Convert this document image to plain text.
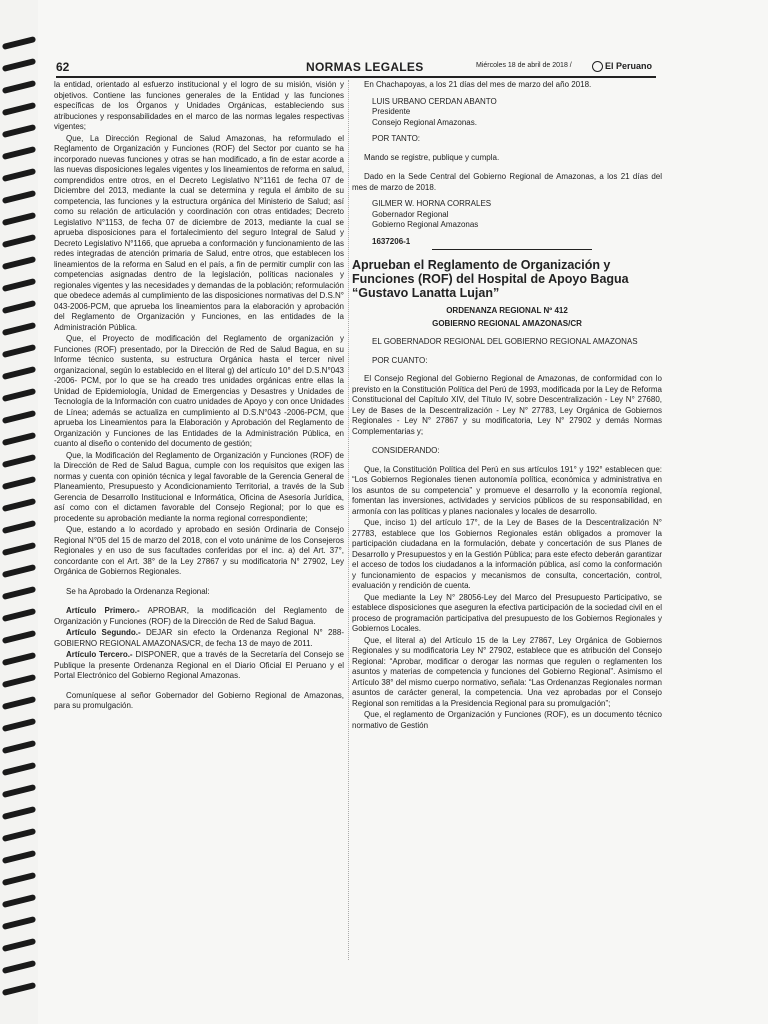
62	NORMAS LEGALES	Miércoles 18 de abril de 2018 /	El Peruano

la entidad, orientado al esfuerzo institucional y el logro de su misión, visión y objetivos. Contiene las funciones generales de la Entidad y las funciones específicas de los Órganos y Unidades Orgánicas, estableciendo sus atribuciones y responsabilidades en el marco de las normas legales respectivas vigentes;

Que, La Dirección Regional de Salud Amazonas, ha reformulado el Reglamento de Organización y Funciones (ROF) del Sector por cuanto se ha incorporado nuevas funciones y otras se han modificado, a fin de estar acorde a las nuevas disposiciones legales vigentes y los lineamientos de reforma en salud, comprendidos entre otros, en el Decreto Legislativo N°1161 de fecha 07 de Diciembre del 2013, mediante la cual se determina y regula el ámbito de su competencia, las funciones y la estructura orgánica del Ministerio de Salud; así como su relación de articulación y coordinación con otras entidades; Decreto Legislativo N°1153, de fecha 07 de diciembre de 2013, mediante la cual se aprueba disposiciones para el fortalecimiento del seguro Integral de Salud y Decreto Legislativo N°1166, que aprueba a conformación y funcionamiento de las redes integradas de atención primaria de Salud, entre otros, que establecen los lineamientos de la reforma en Salud en el país, a fin de permitir cumplir con las competencias asignadas dentro de la legislación, políticas nacionales y regionales vigentes y las necesidades y demandas de la población; reformulación que obedece además al cumplimiento de las disposiciones normativas del D.S.N° 043-2006-PCM, que aprueba los lineamientos para la elaboración y aprobación del Reglamento de Organización y Funciones, en las entidades de la Administración Pública.

Que, el Proyecto de modificación del Reglamento de organización y Funciones (ROF) presentado, por la Dirección de Red de Salud Bagua, en su Informe técnico sustenta, su estructura Orgánica hasta el tercer nivel organizacional, según lo establecido en el literal g) del artículo 10° del D.S.N°043 -2006- PCM, por lo que se ha creado tres unidades orgánicas entre ellas la Unidad de Epidemiología, Unidad de Emergencias y Desastres y Unidades de Tecnología de la Información con cuatro unidades de Apoyo y con once Unidades de Línea; además se actualiza en cumplimiento al D.S.N°043 -2006-PCM, que aprueba los Lineamientos para la Elaboración y Aprobación del Reglamento de Organización y Funciones de las Entidades de la Administración Pública, en cuanto al diseño o contenido del documento de gestión;

Que, la Modificación del Reglamento de Organización y Funciones (ROF) de la Dirección de Red de Salud Bagua, cumple con los requisitos que exigen las normas y cuenta con opinión técnica y legal favorable de la Gerencia General de Planeamiento, Presupuesto y Acondicionamiento Territorial, a través de la Sub Gerencia de Desarrollo Institucional e Informática, Oficina de Asesoría Jurídica, así como con el dictamen favorable del Consejo Regional; por lo que es procedente su aprobación mediante la norma regional correspondiente;

Que, estando a lo acordado y aprobado en sesión Ordinaria de Consejo Regional N°05 del 15 de marzo del 2018, con el voto unánime de los Consejeros Regionales y en uso de sus facultades conferidas por el inc. a) del Art. 37°, concordante con el Art. 38° de la Ley 27867 y su modificatoria N° 27902, Ley Orgánica de Gobiernos Regionales.

Se ha Aprobado la Ordenanza Regional:

Artículo Primero.- APROBAR, la modificación del Reglamento de Organización y Funciones (ROF) de la Dirección de Red de Salud Bagua.

Artículo Segundo.- DEJAR sin efecto la Ordenanza Regional N° 288-GOBIERNO REGIONAL AMAZONAS/CR, de fecha 13 de mayo de 2011.

Artículo Tercero.- DISPONER, que a través de la Secretaría del Consejo se Publique la presente Ordenanza Regional en el Diario Oficial El Peruano y el Portal Electrónico del Gobierno Regional Amazonas.

Comuníquese al señor Gobernador del Gobierno Regional de Amazonas, para su promulgación.

En Chachapoyas, a los 21 días del mes de marzo del año 2018.

LUIS URBANO CERDAN ABANTO
Presidente
Consejo Regional Amazonas.

POR TANTO:

Mando se registre, publique y cumpla.

Dado en la Sede Central del Gobierno Regional de Amazonas, a los 21 días del mes de marzo de 2018.

GILMER W. HORNA CORRALES
Gobernador Regional
Gobierno Regional Amazonas

1637206-1

Aprueban el Reglamento de Organización y Funciones (ROF) del Hospital de Apoyo Bagua “Gustavo Lanatta Lujan”

ORDENANZA REGIONAL Nº 412

GOBIERNO REGIONAL AMAZONAS/CR

EL GOBERNADOR REGIONAL DEL GOBIERNO REGIONAL AMAZONAS

POR CUANTO:

El Consejo Regional del Gobierno Regional de Amazonas, de conformidad con lo previsto en la Constitución Política del Perú de 1993, modificada por la Ley de Reforma Constitucional del Capítulo XIV, del Título IV, sobre Descentralización - Ley N° 27680, Ley de Bases de la Descentralización - Ley N° 27783, Ley Orgánica de Gobiernos Regionales - Ley N° 27867 y su modificatoria, Ley N° 27902 y demás Normas Complementarias y;

CONSIDERANDO:

Que, la Constitución Política del Perú en sus artículos 191° y 192° establecen que: “Los Gobiernos Regionales tienen autonomía política, económica y administrativa en los asuntos de su competencia” y promueve el desarrollo y la economía regional, fomentan las inversiones, actividades y servicios públicos de su responsabilidad, en armonía con las políticas y planes nacionales y locales de desarrollo.

Que, inciso 1) del artículo 17°, de la Ley de Bases de la Descentralización N° 27783, establece que los Gobiernos Regionales están obligados a promover la participación ciudadana en la formulación, debate y concertación de sus Planes de Desarrollo y Presupuestos y en la Gestión Pública; para este efecto deberán garantizar el acceso de todos los ciudadanos a la información pública, así como la conformación y funcionamiento de espacios y mecanismos de consulta, concertación, control, evaluación y rendición de cuenta.

Que mediante la Ley N° 28056-Ley del Marco del Presupuesto Participativo, se establece disposiciones que aseguren la efectiva participación de la sociedad civil en el proceso de programación participativa del presupuesto de los Gobiernos Regionales y Gobiernos Locales.

Que, el literal a) del Artículo 15 de la Ley 27867, Ley Orgánica de Gobiernos Regionales y su modificatoria Ley N° 27902, establece que es atribución del Consejo Regional: “Aprobar, modificar o derogar las normas que regulen o reglamenten los asuntos y materias de competencia y funciones del Gobierno Regional”. Asimismo el Artículo 38° del mismo cuerpo normativo, señala: “Las Ordenanzas Regionales norman asuntos de carácter general, la competencia. Una vez aprobadas por el Consejo Regional son remitidas a la Presidencia Regional para su promulgación”;

Que, el reglamento de Organización y Funciones (ROF), es un documento técnico normativo de Gestión
